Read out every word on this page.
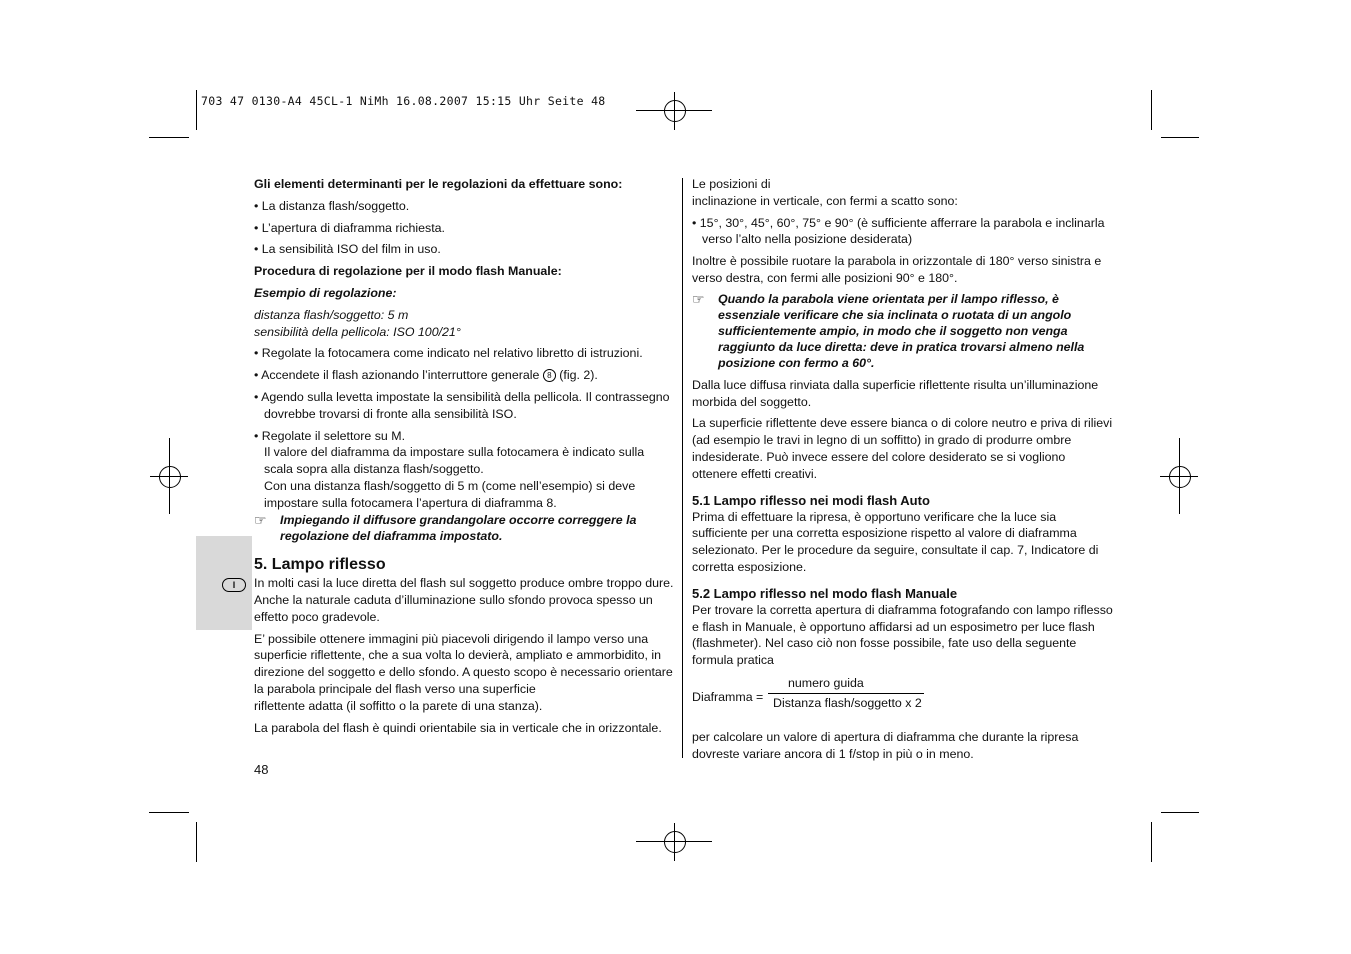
703 47 0130-A4 45CL-1 NiMh 16.08.2007 15:15 Uhr Seite 48
I

Gli elementi determinanti per le regolazioni da effettuare sono:

• La distanza flash/soggetto.

• L’apertura di diaframma richiesta.

• La sensibilità ISO del film in uso.

Procedura di regolazione per il modo flash Manuale:

Esempio di regolazione:

distanza flash/soggetto: 5 m

sensibilità della pellicola: ISO 100/21°

• Regolate la fotocamera come indicato nel relativo libretto di istruzioni.

• Accendete il flash azionando l’interruttore generale 8 (fig. 2).

• Agendo sulla levetta impostate la sensibilità della pellicola. Il contrassegno dovrebbe trovarsi di fronte alla sensibilità ISO.

• Regolate il selettore su M.

Il valore del diaframma da impostare sulla fotocamera è indicato sulla scala sopra alla distanza flash/soggetto.

Con una distanza flash/soggetto di 5 m (come nell’esempio) si deve impostare sulla fotocamera l’apertura di diaframma 8.

☞	Impiegando il diffusore grandangolare occorre correggere la regolazione del diaframma impostato.

5. Lampo riflesso

In molti casi la luce diretta del flash sul soggetto produce ombre troppo dure. Anche la naturale caduta d’illuminazione sullo sfondo provoca spesso un effetto poco gradevole.

E’ possibile ottenere immagini più piacevoli dirigendo il lampo verso una superficie riflettente, che a sua volta lo devierà, ampliato e ammorbidito, in direzione del soggetto e dello sfondo. A questo scopo è necessario orientare la parabola principale del flash verso una superficie

riflettente adatta (il soffitto o la parete di una stanza).

La parabola del flash è quindi orientabile sia in verticale che in orizzontale.

48

Le posizioni di

inclinazione in verticale, con fermi a scatto sono:

• 15°, 30°, 45°, 60°, 75° e 90° (è sufficiente afferrare la parabola e inclinarla verso l’alto nella posizione desiderata)

Inoltre è possibile ruotare la parabola in orizzontale di 180° verso sinistra e verso destra, con fermi alle posizioni 90° e 180°.

☞	Quando la parabola viene orientata per il lampo riflesso, è essenziale verificare che sia inclinata o ruotata di un angolo sufficientemente ampio, in modo che il soggetto non venga raggiunto da luce diretta: deve in pratica trovarsi almeno nella posizione con fermo a 60°.

Dalla luce diffusa rinviata dalla superficie riflettente risulta un’illuminazione morbida del soggetto.

La superficie riflettente deve essere bianca o di colore neutro e priva di rilievi (ad esempio le travi in legno di un soffitto) in grado di produrre ombre indesiderate. Può invece essere del colore desiderato se si vogliono ottenere effetti creativi.

5.1 Lampo riflesso nei modi flash Auto

Prima di effettuare la ripresa, è opportuno verificare che la luce sia sufficiente per una corretta esposizione rispetto al valore di diaframma selezionato. Per le procedure da seguire, consultate il cap. 7, Indicatore di corretta esposizione.

5.2 Lampo riflesso nel modo flash Manuale

Per trovare la corretta apertura di diaframma fotografando con lampo riflesso e flash in Manuale, è opportuno affidarsi ad un esposimetro per luce flash (flashmeter). Nel caso ciò non fosse possibile, fate uso della seguente formula pratica

Diaframma =
numero guida
Distanza flash/soggetto x 2

per calcolare un valore di apertura di diaframma che durante la ripresa dovreste variare ancora di 1 f/stop in più o in meno.
